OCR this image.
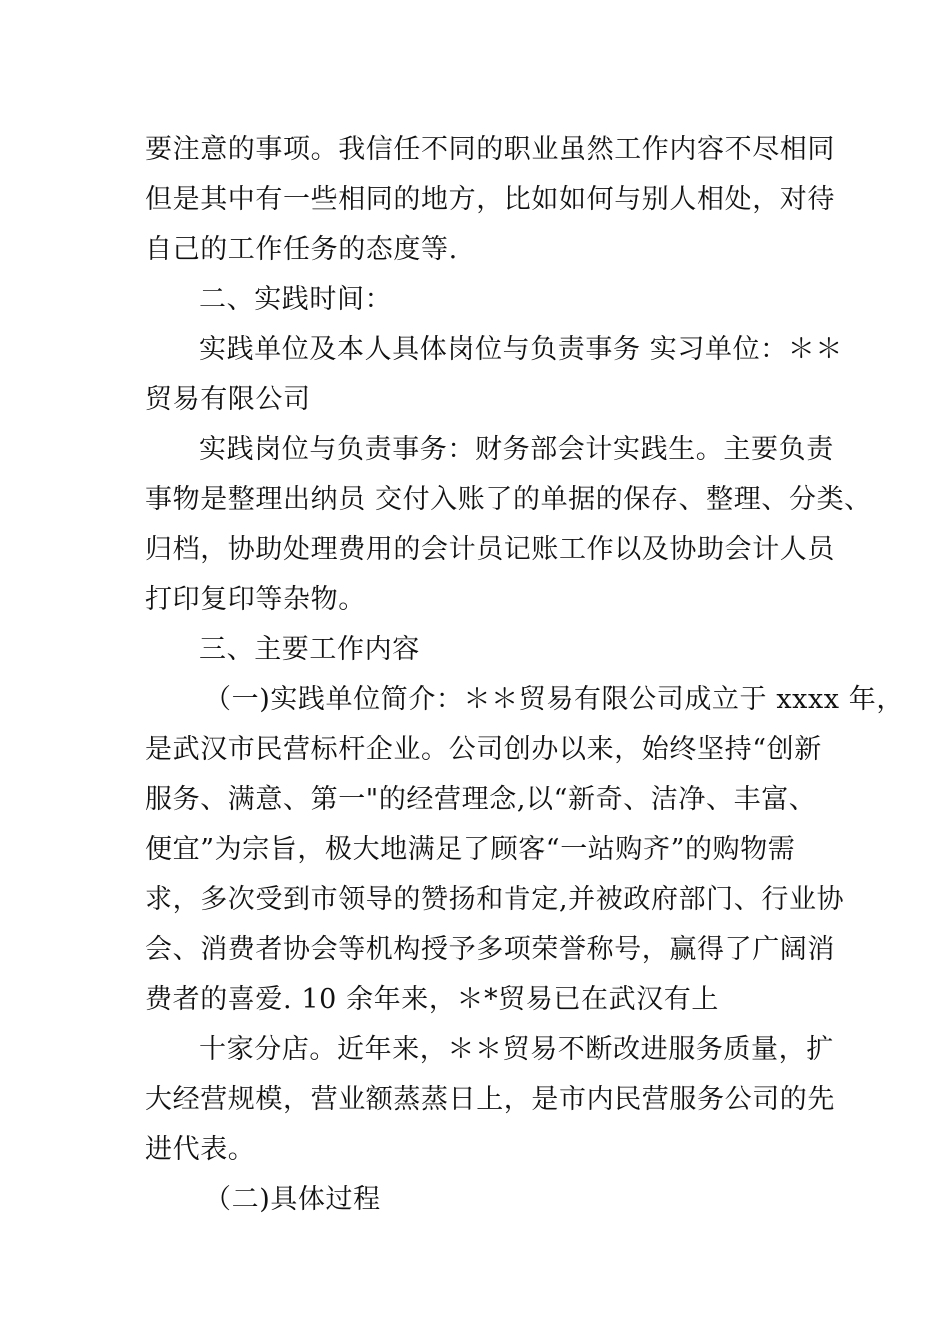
要注意的事项。我信任不同的职业虽然工作内容不尽相同
但是其中有一些相同的地方，比如如何与别人相处，对待
自己的工作任务的态度等.
二、实践时间：
实践单位及本人具体岗位与负责事务 实习单位：＊＊
贸易有限公司
实践岗位与负责事务：财务部会计实践生。主要负责
事物是整理出纳员 交付入账了的单据的保存、整理、分类、
归档，协助处理费用的会计员记账工作以及协助会计人员
打印复印等杂物。
三、主要工作内容
（一)实践单位简介：＊＊贸易有限公司成立于 xxxx 年，
是武汉市民营标杆企业。公司创办以来，始终坚持“创新
服务、满意、第一"的经营理念,以“新奇、洁净、丰富、
便宜”为宗旨，极大地满足了顾客“一站购齐”的购物需
求，多次受到市领导的赞扬和肯定,并被政府部门、行业协
会、消费者协会等机构授予多项荣誉称号，赢得了广阔消
费者的喜爱. 10 余年来，＊*贸易已在武汉有上
十家分店。近年来，＊＊贸易不断改进服务质量，扩
大经营规模，营业额蒸蒸日上，是市内民营服务公司的先
进代表。
（二)具体过程
